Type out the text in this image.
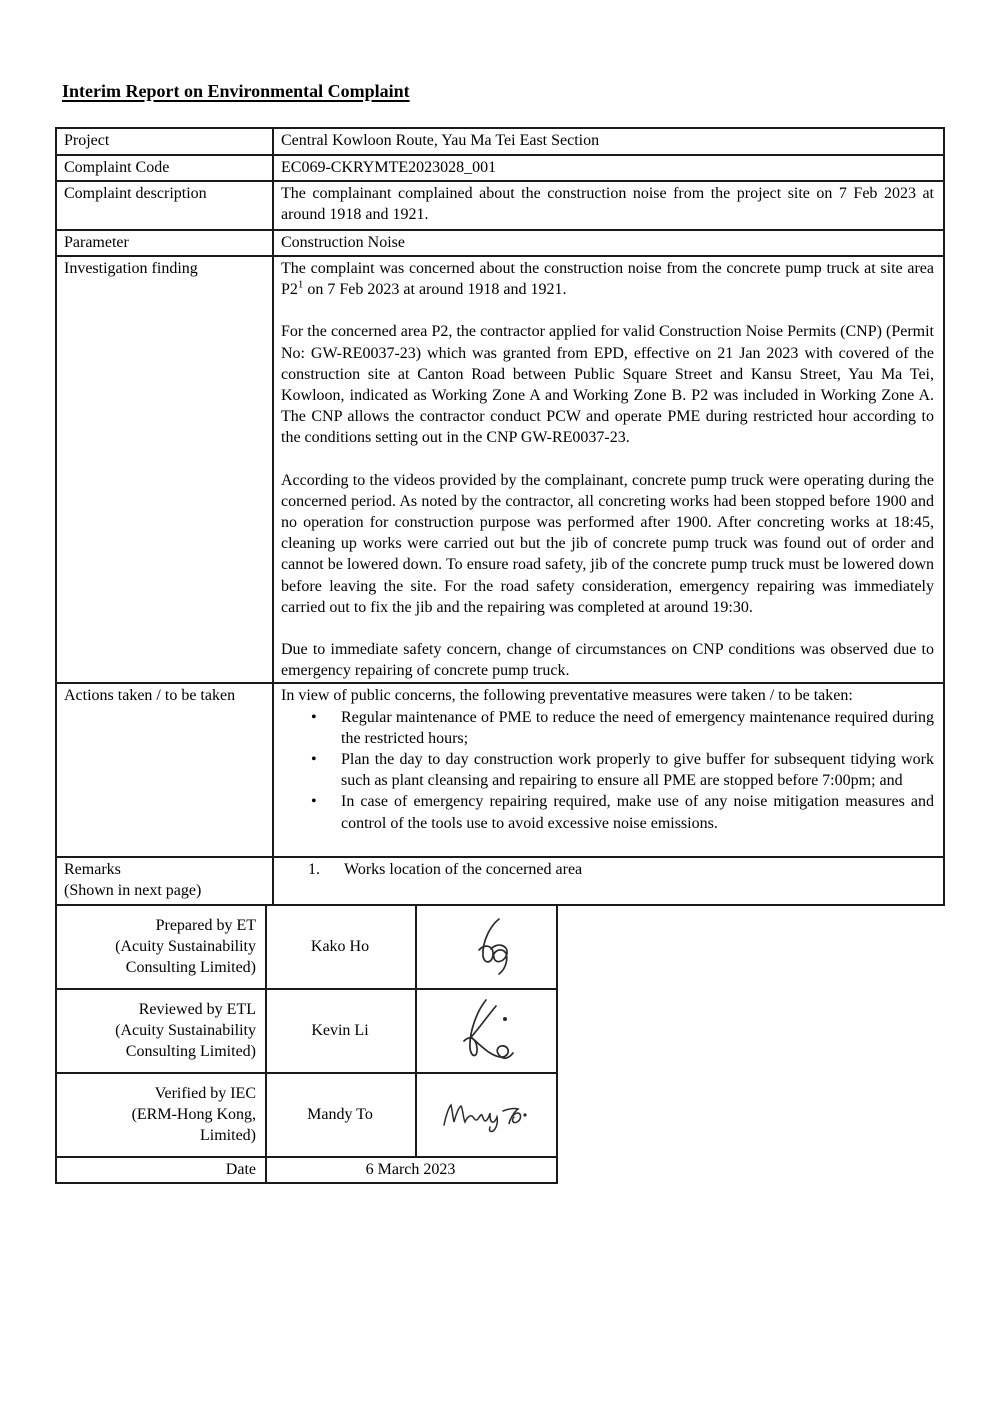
Interim Report on Environmental Complaint
Project	Central Kowloon Route, Yau Ma Tei East Section
Complaint Code	EC069-CKRYMTE2023028_001
Complaint description	The complainant complained about the construction noise from the project site on 7 Feb 2023 at around 1918 and 1921.
Parameter	Construction Noise
Investigation finding	The complaint was concerned about the construction noise from the concrete pump truck at site area $P2^1$ on 7 Feb 2023 at around 1918 and 1921.

For the concerned area P2, the contractor applied for valid Construction Noise Permits (CNP) (Permit No: GW-RE0037-23) which was granted from EPD, effective on 21 Jan 2023 with covered of the construction site at Canton Road between Public Square Street and Kansu Street, Yau Ma Tei, Kowloon, indicated as Working Zone A and Working Zone B. P2 was included in Working Zone A. The CNP allows the contractor conduct PCW and operate PME during restricted hour according to the conditions setting out in the CNP GW-RE0037-23.

According to the videos provided by the complainant, concrete pump truck were operating during the concerned period. As noted by the contractor, all concreting works had been stopped before 1900 and no operation for construction purpose was performed after 1900. After concreting works at 18:45, cleaning up works were carried out but the jib of concrete pump truck was found out of order and cannot be lowered down. To ensure road safety, jib of the concrete pump truck must be lowered down before leaving the site. For the road safety consideration, emergency repairing was immediately carried out to fix the jib and the repairing was completed at around 19:30.

Due to immediate safety concern, change of circumstances on CNP conditions was observed due to emergency repairing of concrete pump truck.

Actions taken / to be taken	In view of public concerns, the following preventative measures were taken / to be taken:

•	Regular maintenance of PME to reduce the need of emergency maintenance required during the restricted hours;
•	Plan the day to day construction work properly to give buffer for subsequent tidying work such as plant cleansing and repairing to ensure all PME are stopped before 7:00pm; and
•	In case of emergency repairing required, make use of any noise mitigation measures and control of the tools use to avoid excessive noise emissions.

Remarks
(Shown in next page)

1.	Works location of the concerned area
Prepared by ET
(Acuity Sustainability
Consulting Limited)	Kako Ho	

Reviewed by ETL
(Acuity Sustainability
Consulting Limited)	Kevin Li	

Verified by IEC
(ERM-Hong Kong,
Limited)	Mandy To	

Date	6 March 2023	
